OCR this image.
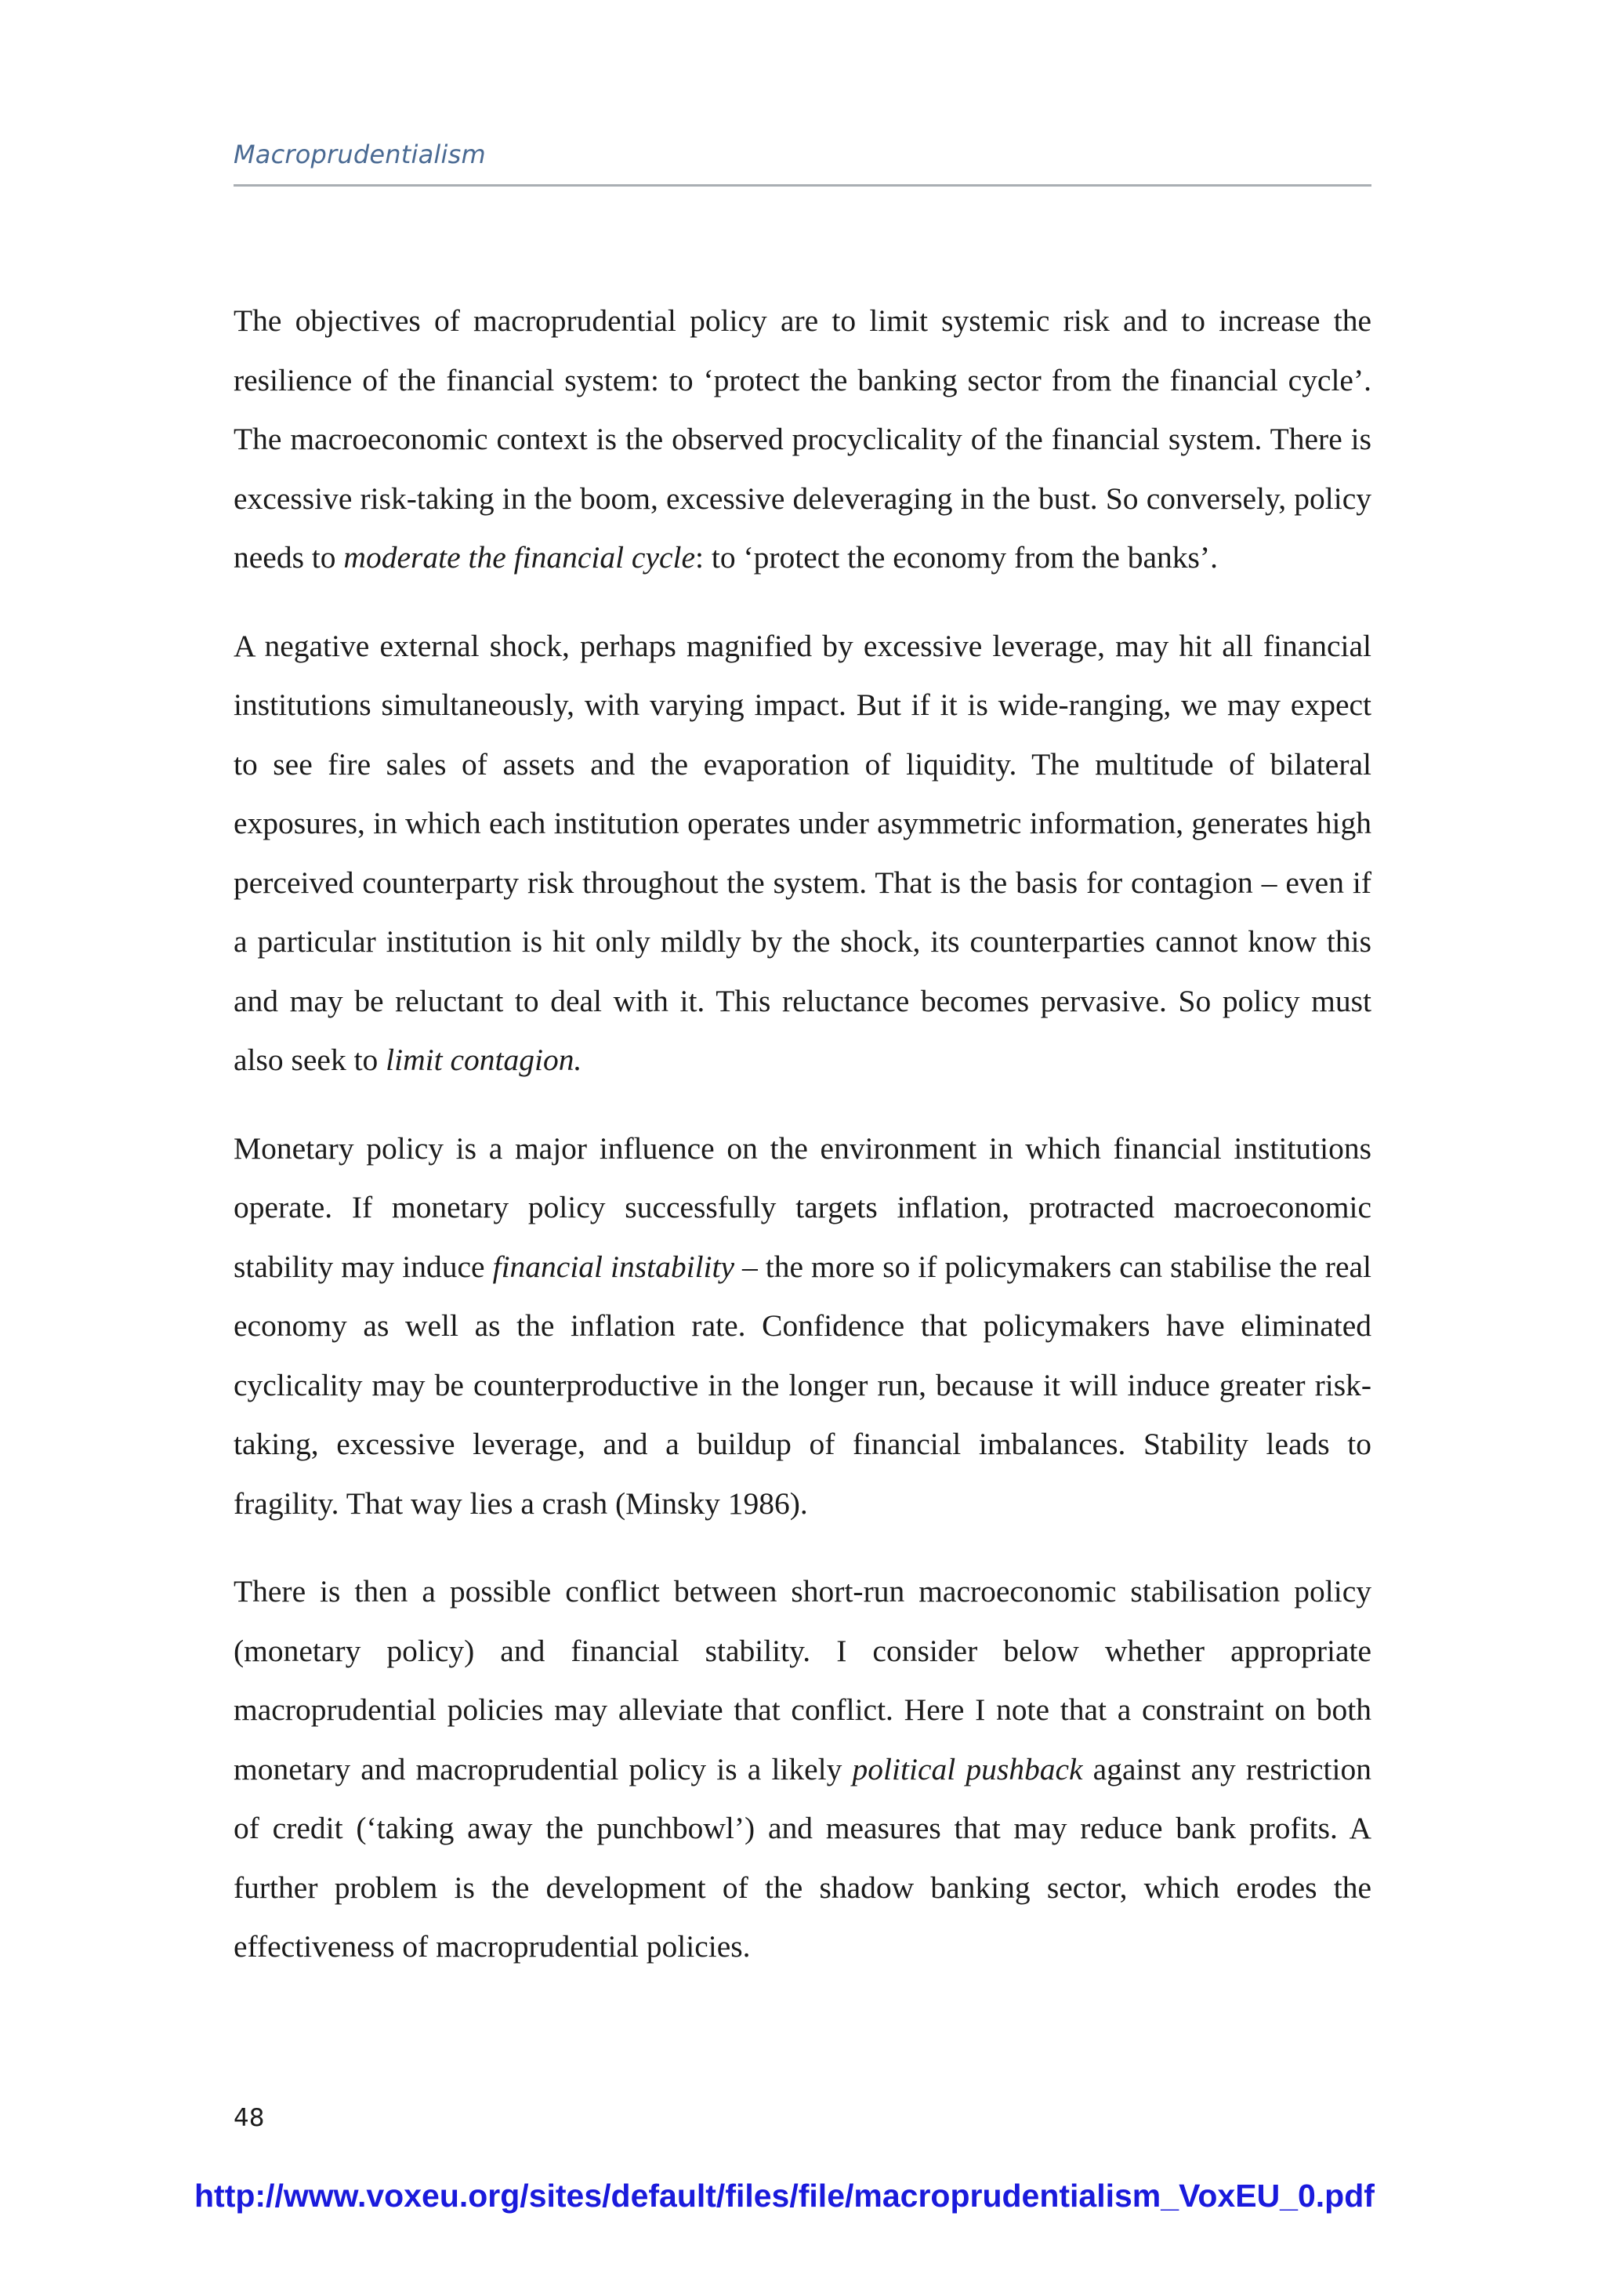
Macroprudentialism

The objectives of macroprudential policy are to limit systemic risk and to increase the resilience of the financial system: to ‘protect the banking sector from the financial cycle’. The macroeconomic context is the observed procyclicality of the financial system. There is excessive risk-taking in the boom, excessive deleveraging in the bust. So conversely, policy needs to moderate the financial cycle: to ‘protect the economy from the banks’.

A negative external shock, perhaps magnified by excessive leverage, may hit all financial institutions simultaneously, with varying impact. But if it is wide-ranging, we may expect to see fire sales of assets and the evaporation of liquidity. The multitude of bilateral exposures, in which each institution operates under asymmetric information, generates high perceived counterparty risk throughout the system. That is the basis for contagion – even if a particular institution is hit only mildly by the shock, its counterparties cannot know this and may be reluctant to deal with it. This reluctance becomes pervasive. So policy must also seek to limit contagion.

Monetary policy is a major influence on the environment in which financial institutions operate. If monetary policy successfully targets inflation, protracted macroeconomic stability may induce financial instability – the more so if policymakers can stabilise the real economy as well as the inflation rate. Confidence that policymakers have eliminated cyclicality may be counterproductive in the longer run, because it will induce greater risk-taking, excessive leverage, and a buildup of financial imbalances. Stability leads to fragility. That way lies a crash (Minsky 1986).

There is then a possible conflict between short-run macroeconomic stabilisation policy (monetary policy) and financial stability. I consider below whether appropriate macroprudential policies may alleviate that conflict. Here I note that a constraint on both monetary and macroprudential policy is a likely political pushback against any restriction of credit (‘taking away the punchbowl’) and measures that may reduce bank profits. A further problem is the development of the shadow banking sector, which erodes the effectiveness of macroprudential policies.

48
http://www.voxeu.org/sites/default/files/file/macroprudentialism_VoxEU_0.pdf
